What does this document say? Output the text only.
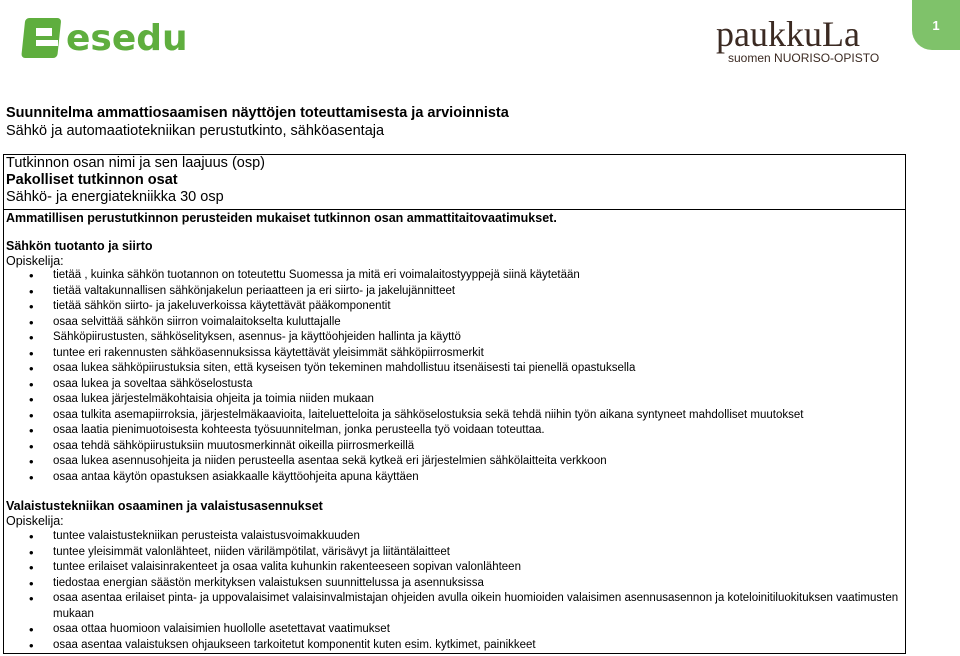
esedu	paukkuLa
suomen NUORISO-OPISTO
1
Suunnitelma ammattiosaamisen näyttöjen toteuttamisesta ja arvioinnista
Sähkö ja automaatiotekniikan perustutkinto, sähköasentaja
Tutkinnon osan nimi ja sen laajuus (osp)
Pakolliset tutkinnon osat
Sähkö- ja energiatekniikka 30 osp
Ammatillisen perustutkinnon perusteiden mukaiset tutkinnon osan ammattitaitovaatimukset.
Sähkön tuotanto ja siirto
Opiskelija:
• tietää , kuinka sähkön tuotannon on toteutettu Suomessa ja mitä eri voimalaitostyyppejä siinä käytetään
• tietää valtakunnallisen sähkönjakelun periaatteen ja eri siirto- ja jakelujännitteet
• tietää sähkön siirto- ja jakeluverkoissa käytettävät pääkomponentit
• osaa selvittää sähkön siirron voimalaitokselta kuluttajalle
• Sähköpiirustusten, sähköselityksen, asennus- ja käyttöohjeiden hallinta ja käyttö
• tuntee eri rakennusten sähköasennuksissa käytettävät yleisimmät sähköpiirrosmerkit
• osaa lukea sähköpiirustuksia siten, että kyseisen työn tekeminen mahdollistuu itsenäisesti tai pienellä opastuksella
• osaa lukea ja soveltaa sähköselostusta
• osaa lukea järjestelmäkohtaisia ohjeita ja toimia niiden mukaan
• osaa tulkita asemapiirroksia, järjestelmäkaavioita, laiteluetteloita ja sähköselostuksia sekä tehdä niihin työn aikana syntyneet mahdolliset muutokset
• osaa laatia pienimuotoisesta kohteesta työsuunnitelman, jonka perusteella työ voidaan toteuttaa.
• osaa tehdä sähköpiirustuksiin muutosmerkinnät oikeilla piirrosmerkeillä
• osaa lukea asennusohjeita ja niiden perusteella asentaa sekä kytkeä eri järjestelmien sähkölaitteita verkkoon
• osaa antaa käytön opastuksen asiakkaalle käyttöohjeita apuna käyttäen
Valaistustekniikan osaaminen ja valaistusasennukset
Opiskelija:
• tuntee valaistustekniikan perusteista valaistusvoimakkuuden
• tuntee yleisimmät valonlähteet, niiden värilämpötilat, värisävyt ja liitäntälaitteet
• tuntee erilaiset valaisinrakenteet ja osaa valita kuhunkin rakenteeseen sopivan valonlähteen
• tiedostaa energian säästön merkityksen valaistuksen suunnittelussa ja asennuksissa
• osaa asentaa erilaiset pinta- ja uppovalaisimet valaisinvalmistajan ohjeiden avulla oikein huomioiden valaisimen asennusasennon ja koteloinitiluokituksen vaatimusten mukaan
• osaa ottaa huomioon valaisimien huollolle asetettavat vaatimukset
• osaa asentaa valaistuksen ohjaukseen tarkoitetut komponentit kuten esim. kytkimet, painikkeet
